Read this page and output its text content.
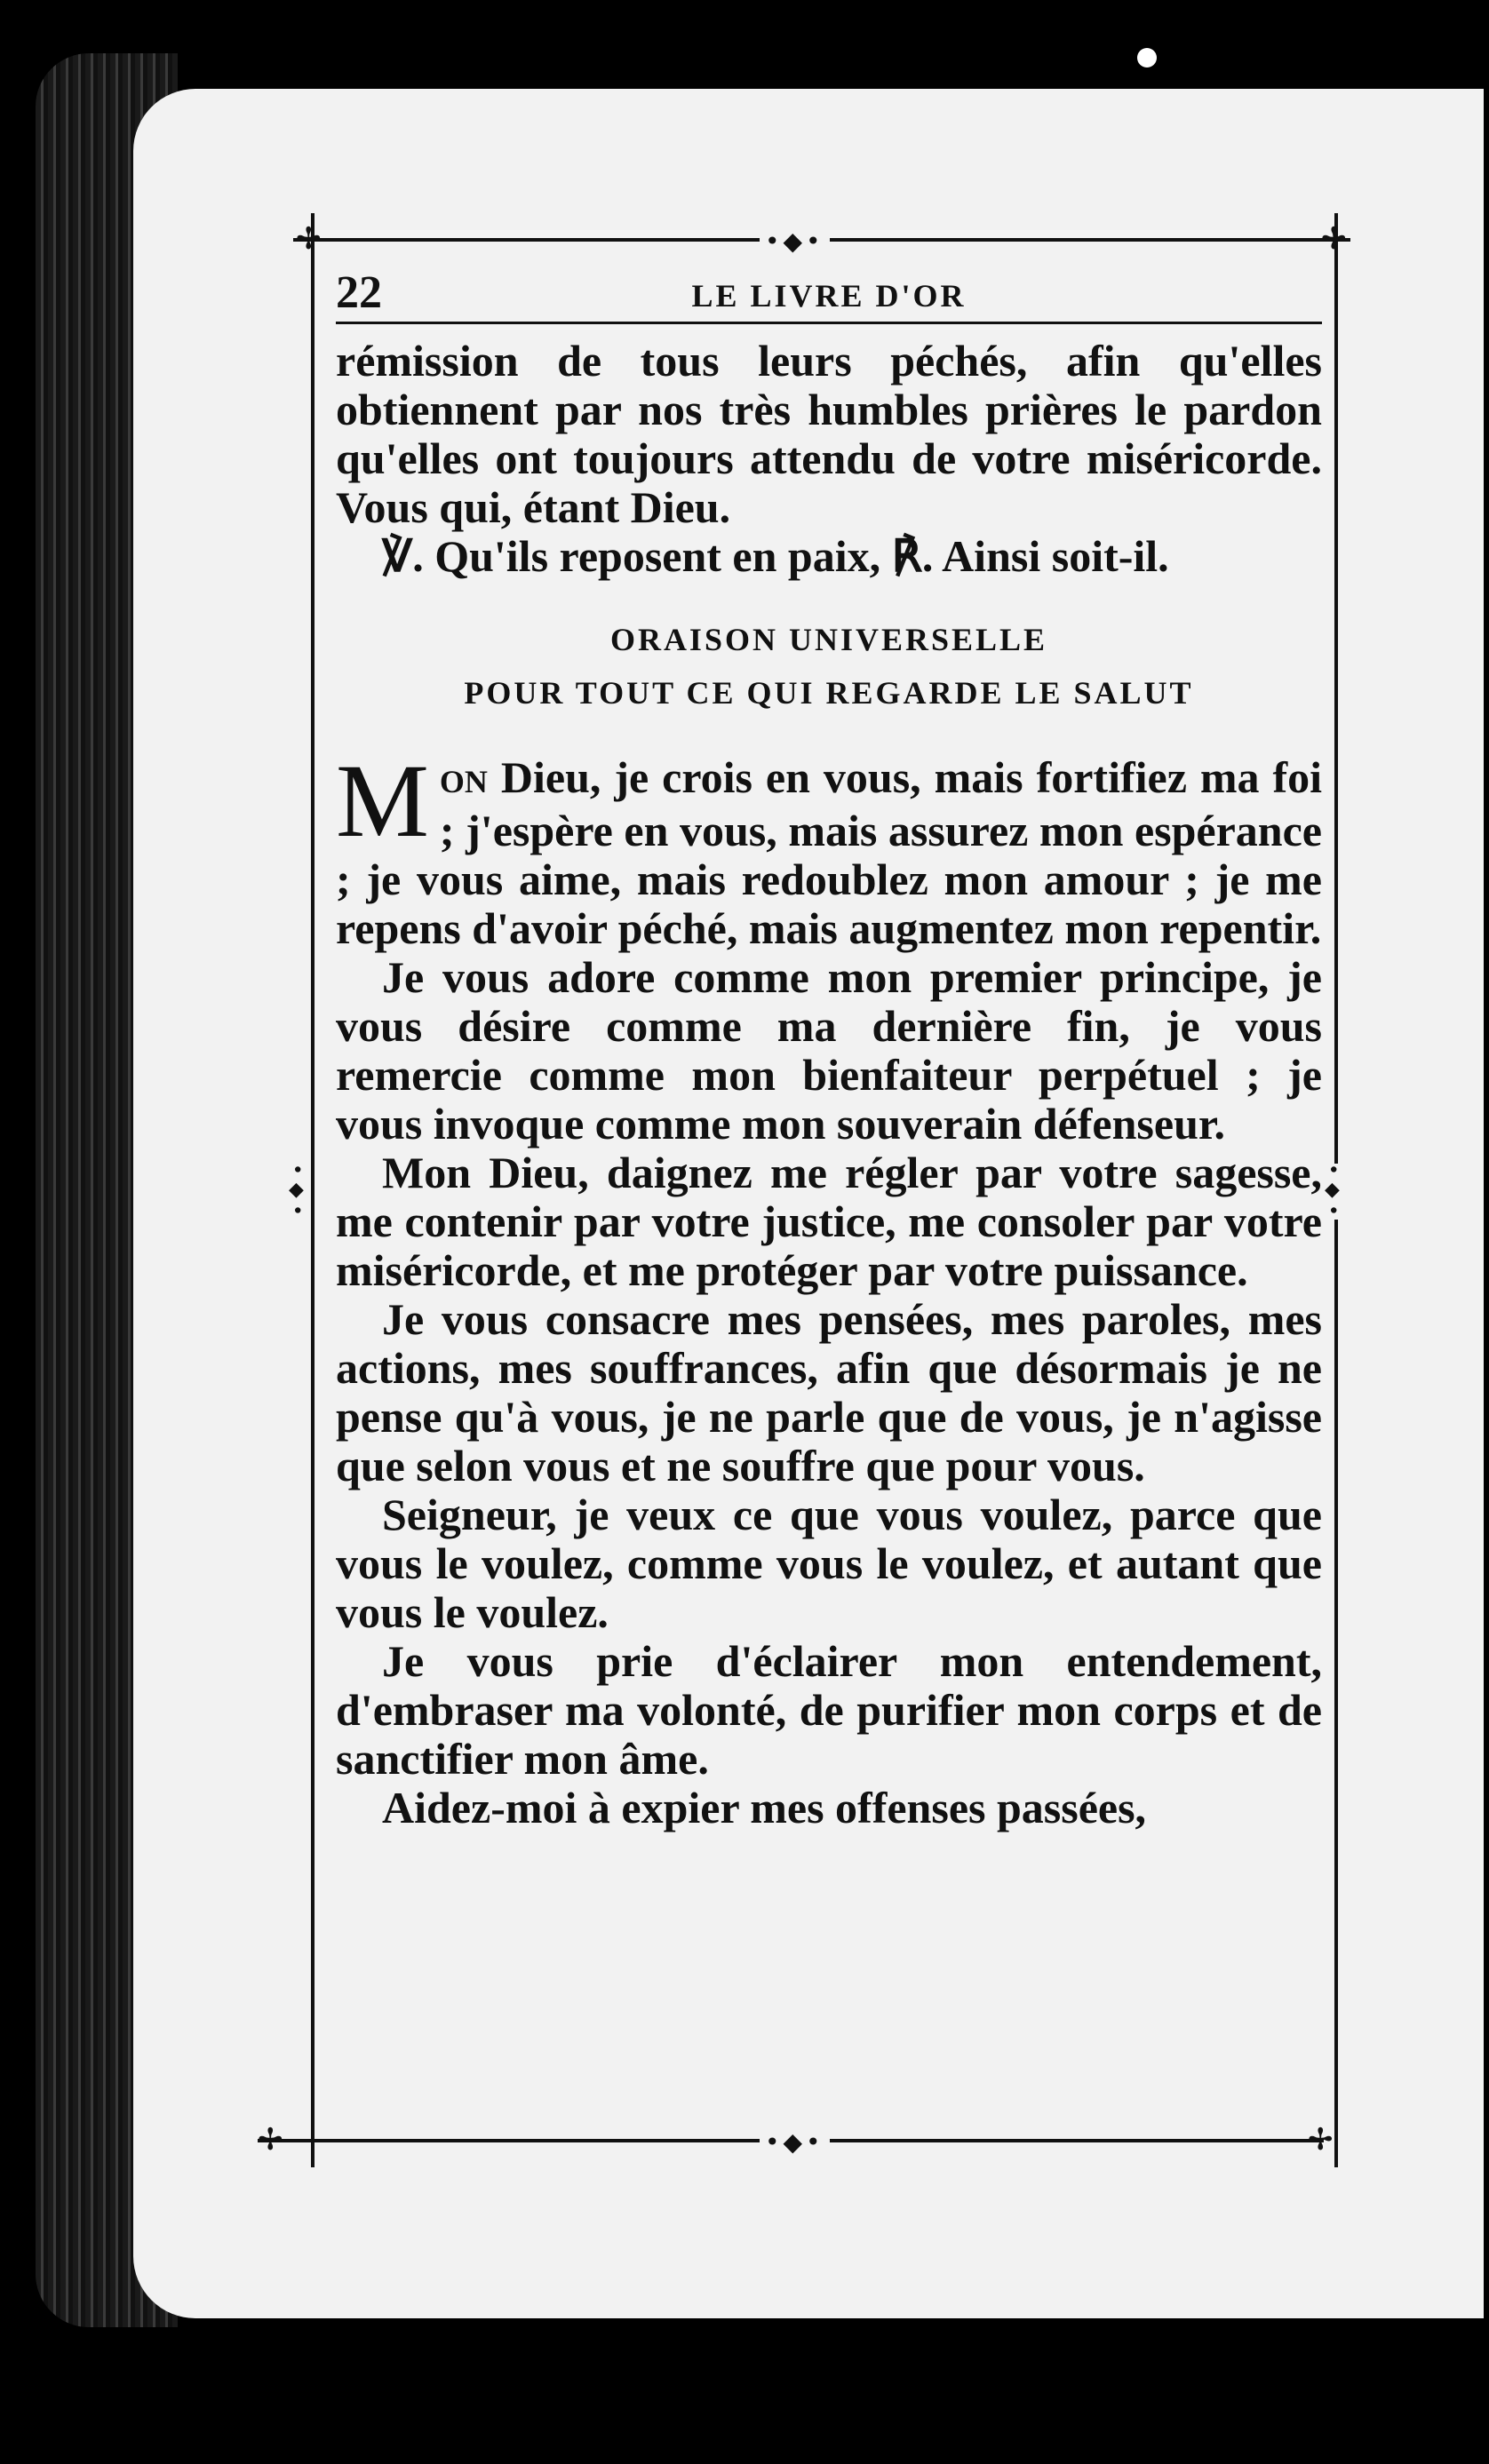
✢	✢
✢	✢
•◆•
•◆•
•◆•	•◆•
22	LE LIVRE D'OR

rémission de tous leurs péchés, afin qu'elles obtiennent par nos très humbles prières le pardon qu'elles ont toujours attendu de votre miséricorde. Vous qui, étant Dieu.

℣. Qu'ils reposent en paix, ℟. Ainsi soit-il.

ORAISON UNIVERSELLE
POUR TOUT CE QUI REGARDE LE SALUT

MON Dieu, je crois en vous, mais fortifiez ma foi ; j'espère en vous, mais assurez mon espérance ; je vous aime, mais redoublez mon amour ; je me repens d'avoir péché, mais augmentez mon repentir.

Je vous adore comme mon premier principe, je vous désire comme ma dernière fin, je vous remercie comme mon bienfaiteur perpétuel ; je vous invoque comme mon souverain défenseur.

Mon Dieu, daignez me régler par votre sagesse, me contenir par votre justice, me consoler par votre miséricorde, et me protéger par votre puissance.

Je vous consacre mes pensées, mes paroles, mes actions, mes souffrances, afin que désormais je ne pense qu'à vous, je ne parle que de vous, je n'agisse que selon vous et ne souffre que pour vous.

Seigneur, je veux ce que vous voulez, parce que vous le voulez, comme vous le voulez, et autant que vous le voulez.

Je vous prie d'éclairer mon entendement, d'embraser ma volonté, de purifier mon corps et de sanctifier mon âme.

Aidez-moi à expier mes offenses passées,
